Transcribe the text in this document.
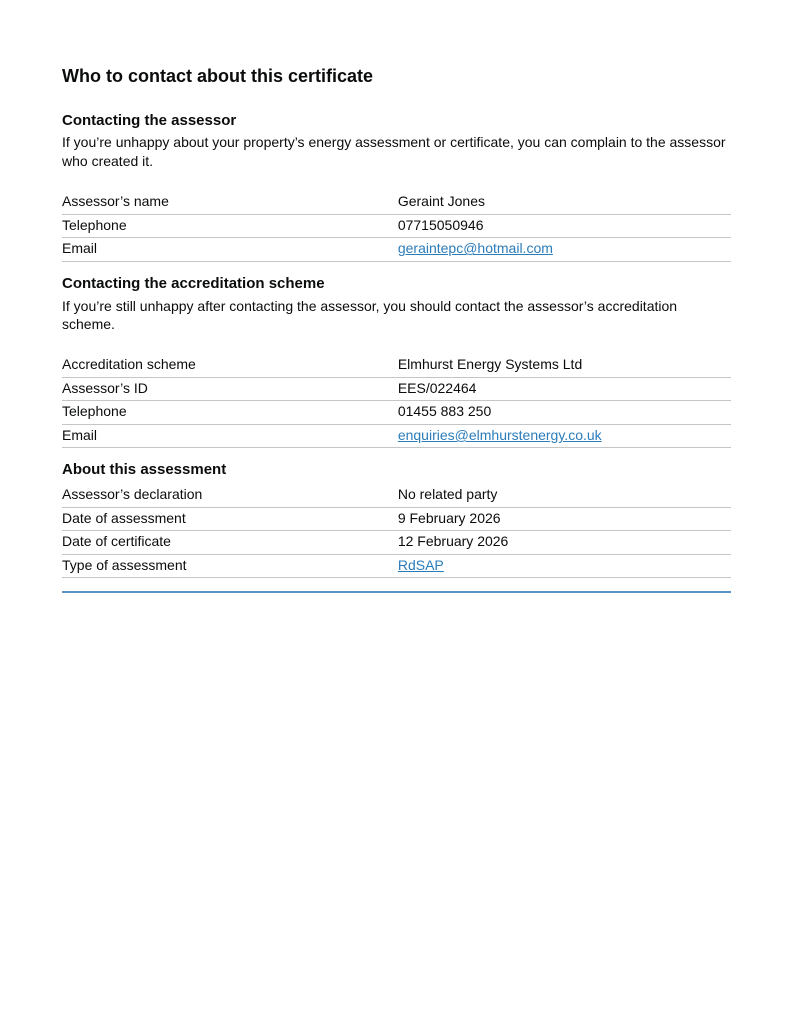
Who to contact about this certificate
Contacting the assessor

If you’re unhappy about your property’s energy assessment or certificate, you can complain to the assessor who created it.

Assessor’s name	Geraint Jones
Telephone	07715050946
Email	geraintepc@hotmail.com
Contacting the accreditation scheme

If you’re still unhappy after contacting the assessor, you should contact the assessor’s accreditation scheme.

Accreditation scheme	Elmhurst Energy Systems Ltd
Assessor’s ID	EES/022464
Telephone	01455 883 250
Email	enquiries@elmhurstenergy.co.uk
About this assessment
Assessor’s declaration	No related party
Date of assessment	9 February 2026
Date of certificate	12 February 2026
Type of assessment	RdSAP
